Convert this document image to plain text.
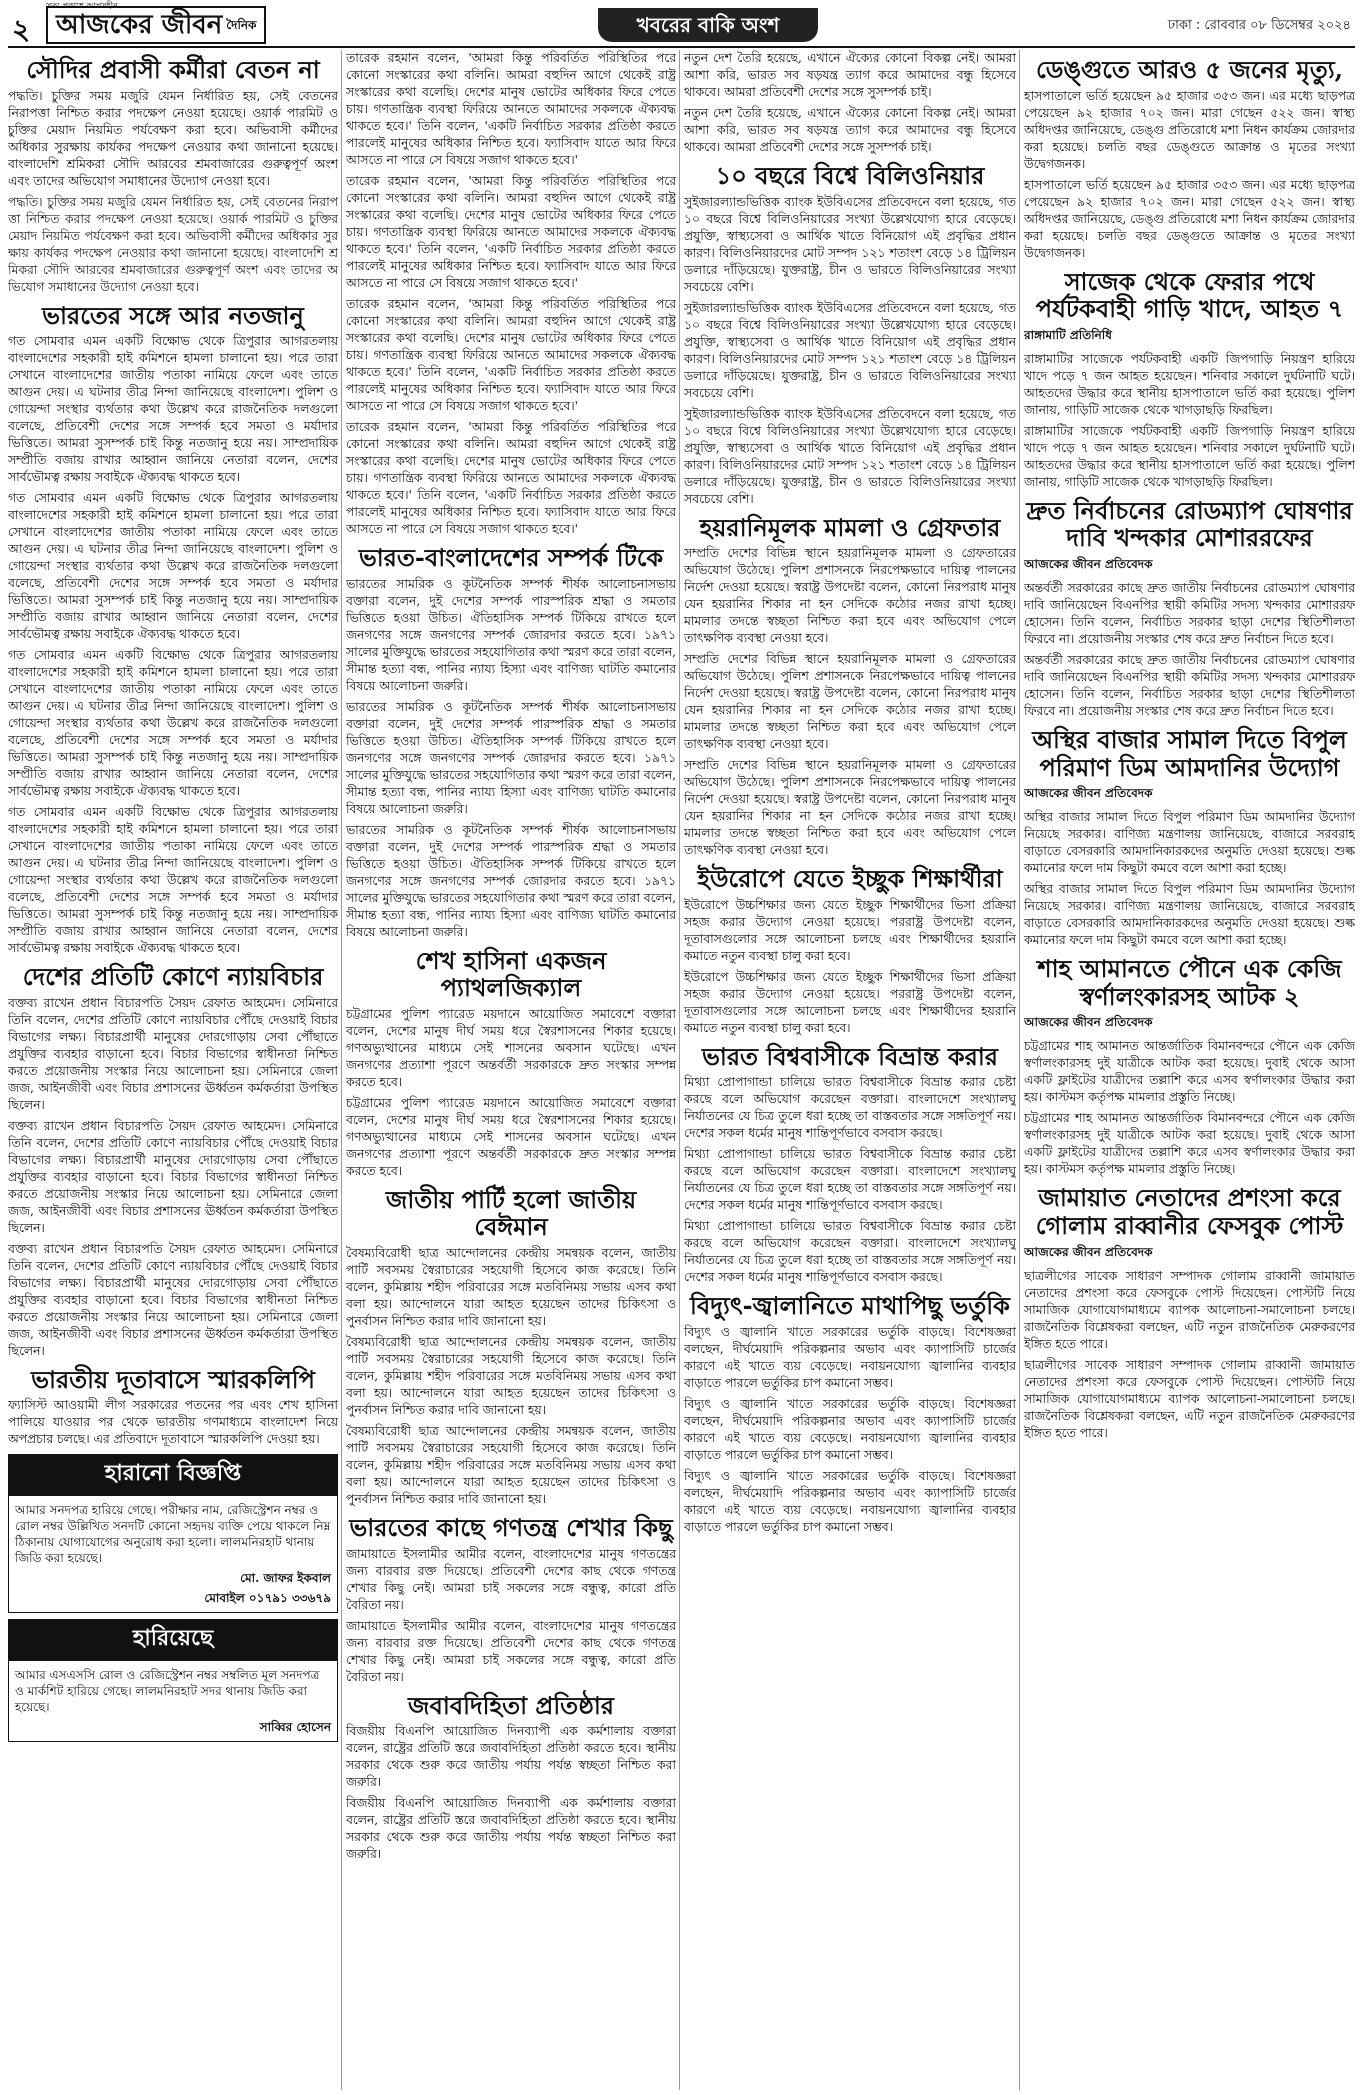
২ আজকের জীবন $^{দৈনিক}$
সত্য প্রকাশে আপসহীন
খবরের বাকি অংশ	ঢাকা : রোববার ০৮ ডিসেম্বর ২০২৪
সৌদির প্রবাসী কর্মীরা বেতন না

পদ্ধতি। চুক্তির সময় মজুরি যেমন নির্ধারিত হয়, সেই বেতনের নিরাপত্তা নিশ্চিত করার পদক্ষেপ নেওয়া হয়েছে। ওয়ার্ক পারমিট ও চুক্তির মেয়াদ নিয়মিত পর্যবেক্ষণ করা হবে। অভিবাসী কর্মীদের অধিকার সুরক্ষায় কার্যকর পদক্ষেপ নেওয়ার কথা জানানো হয়েছে। বাংলাদেশি শ্রমিকরা সৌদি আরবের শ্রমবাজারের গুরুত্বপূর্ণ অংশ এবং তাদের অভিযোগ সমাধানের উদ্যোগ নেওয়া হবে।

পদ্ধতি। চুক্তির সময় মজুরি যেমন নির্ধারিত হয়, সেই বেতনের নিরাপত্তা নিশ্চিত করার পদক্ষেপ নেওয়া হয়েছে। ওয়ার্ক পারমিট ও চুক্তির মেয়াদ নিয়মিত পর্যবেক্ষণ করা হবে। অভিবাসী কর্মীদের অধিকার সুরক্ষায় কার্যকর পদক্ষেপ নেওয়ার কথা জানানো হয়েছে। বাংলাদেশি শ্রমিকরা সৌদি আরবের শ্রমবাজারের গুরুত্বপূর্ণ অংশ এবং তাদের অভিযোগ সমাধানের উদ্যোগ নেওয়া হবে।

ভারতের সঙ্গে আর নতজানু

গত সোমবার এমন একটি বিক্ষোভ থেকে ত্রিপুরার আগরতলায় বাংলাদেশের সহকারী হাই কমিশনে হামলা চালানো হয়। পরে তারা সেখানে বাংলাদেশের জাতীয় পতাকা নামিয়ে ফেলে এবং তাতে আগুন দেয়। এ ঘটনার তীব্র নিন্দা জানিয়েছে বাংলাদেশ। পুলিশ ও গোয়েন্দা সংস্থার ব্যর্থতার কথা উল্লেখ করে রাজনৈতিক দলগুলো বলেছে, প্রতিবেশী দেশের সঙ্গে সম্পর্ক হবে সমতা ও মর্যাদার ভিত্তিতে। আমরা সুসম্পর্ক চাই কিন্তু নতজানু হয়ে নয়। সাম্প্রদায়িক সম্প্রীতি বজায় রাখার আহ্বান জানিয়ে নেতারা বলেন, দেশের সার্বভৌমত্ব রক্ষায় সবাইকে ঐক্যবদ্ধ থাকতে হবে।

গত সোমবার এমন একটি বিক্ষোভ থেকে ত্রিপুরার আগরতলায় বাংলাদেশের সহকারী হাই কমিশনে হামলা চালানো হয়। পরে তারা সেখানে বাংলাদেশের জাতীয় পতাকা নামিয়ে ফেলে এবং তাতে আগুন দেয়। এ ঘটনার তীব্র নিন্দা জানিয়েছে বাংলাদেশ। পুলিশ ও গোয়েন্দা সংস্থার ব্যর্থতার কথা উল্লেখ করে রাজনৈতিক দলগুলো বলেছে, প্রতিবেশী দেশের সঙ্গে সম্পর্ক হবে সমতা ও মর্যাদার ভিত্তিতে। আমরা সুসম্পর্ক চাই কিন্তু নতজানু হয়ে নয়। সাম্প্রদায়িক সম্প্রীতি বজায় রাখার আহ্বান জানিয়ে নেতারা বলেন, দেশের সার্বভৌমত্ব রক্ষায় সবাইকে ঐক্যবদ্ধ থাকতে হবে।

গত সোমবার এমন একটি বিক্ষোভ থেকে ত্রিপুরার আগরতলায় বাংলাদেশের সহকারী হাই কমিশনে হামলা চালানো হয়। পরে তারা সেখানে বাংলাদেশের জাতীয় পতাকা নামিয়ে ফেলে এবং তাতে আগুন দেয়। এ ঘটনার তীব্র নিন্দা জানিয়েছে বাংলাদেশ। পুলিশ ও গোয়েন্দা সংস্থার ব্যর্থতার কথা উল্লেখ করে রাজনৈতিক দলগুলো বলেছে, প্রতিবেশী দেশের সঙ্গে সম্পর্ক হবে সমতা ও মর্যাদার ভিত্তিতে। আমরা সুসম্পর্ক চাই কিন্তু নতজানু হয়ে নয়। সাম্প্রদায়িক সম্প্রীতি বজায় রাখার আহ্বান জানিয়ে নেতারা বলেন, দেশের সার্বভৌমত্ব রক্ষায় সবাইকে ঐক্যবদ্ধ থাকতে হবে।

গত সোমবার এমন একটি বিক্ষোভ থেকে ত্রিপুরার আগরতলায় বাংলাদেশের সহকারী হাই কমিশনে হামলা চালানো হয়। পরে তারা সেখানে বাংলাদেশের জাতীয় পতাকা নামিয়ে ফেলে এবং তাতে আগুন দেয়। এ ঘটনার তীব্র নিন্দা জানিয়েছে বাংলাদেশ। পুলিশ ও গোয়েন্দা সংস্থার ব্যর্থতার কথা উল্লেখ করে রাজনৈতিক দলগুলো বলেছে, প্রতিবেশী দেশের সঙ্গে সম্পর্ক হবে সমতা ও মর্যাদার ভিত্তিতে। আমরা সুসম্পর্ক চাই কিন্তু নতজানু হয়ে নয়। সাম্প্রদায়িক সম্প্রীতি বজায় রাখার আহ্বান জানিয়ে নেতারা বলেন, দেশের সার্বভৌমত্ব রক্ষায় সবাইকে ঐক্যবদ্ধ থাকতে হবে।

দেশের প্রতিটি কোণে ন্যায়বিচার

বক্তব্য রাখেন প্রধান বিচারপতি সৈয়দ রেফাত আহমেদ। সেমিনারে তিনি বলেন, দেশের প্রতিটি কোণে ন্যায়বিচার পৌঁছে দেওয়াই বিচার বিভাগের লক্ষ্য। বিচারপ্রার্থী মানুষের দোরগোড়ায় সেবা পৌঁছাতে প্রযুক্তির ব্যবহার বাড়ানো হবে। বিচার বিভাগের স্বাধীনতা নিশ্চিত করতে প্রয়োজনীয় সংস্কার নিয়ে আলোচনা হয়। সেমিনারে জেলা জজ, আইনজীবী এবং বিচার প্রশাসনের ঊর্ধ্বতন কর্মকর্তারা উপস্থিত ছিলেন।

বক্তব্য রাখেন প্রধান বিচারপতি সৈয়দ রেফাত আহমেদ। সেমিনারে তিনি বলেন, দেশের প্রতিটি কোণে ন্যায়বিচার পৌঁছে দেওয়াই বিচার বিভাগের লক্ষ্য। বিচারপ্রার্থী মানুষের দোরগোড়ায় সেবা পৌঁছাতে প্রযুক্তির ব্যবহার বাড়ানো হবে। বিচার বিভাগের স্বাধীনতা নিশ্চিত করতে প্রয়োজনীয় সংস্কার নিয়ে আলোচনা হয়। সেমিনারে জেলা জজ, আইনজীবী এবং বিচার প্রশাসনের ঊর্ধ্বতন কর্মকর্তারা উপস্থিত ছিলেন।

বক্তব্য রাখেন প্রধান বিচারপতি সৈয়দ রেফাত আহমেদ। সেমিনারে তিনি বলেন, দেশের প্রতিটি কোণে ন্যায়বিচার পৌঁছে দেওয়াই বিচার বিভাগের লক্ষ্য। বিচারপ্রার্থী মানুষের দোরগোড়ায় সেবা পৌঁছাতে প্রযুক্তির ব্যবহার বাড়ানো হবে। বিচার বিভাগের স্বাধীনতা নিশ্চিত করতে প্রয়োজনীয় সংস্কার নিয়ে আলোচনা হয়। সেমিনারে জেলা জজ, আইনজীবী এবং বিচার প্রশাসনের ঊর্ধ্বতন কর্মকর্তারা উপস্থিত ছিলেন।

ভারতীয় দূতাবাসে স্মারকলিপি

ফ্যাসিস্ট আওয়ামী লীগ সরকারের পতনের পর এবং শেখ হাসিনা পালিয়ে যাওয়ার পর থেকে ভারতীয় গণমাধ্যমে বাংলাদেশ নিয়ে অপপ্রচার চলছে। এর প্রতিবাদে দূতাবাসে স্মারকলিপি দেওয়া হয়।

হারানো বিজ্ঞপ্তি
আমার সনদপত্র হারিয়ে গেছে। পরীক্ষার নাম, রেজিস্ট্রেশন নম্বর ও রোল নম্বর উল্লিখিত সনদটি কোনো সহৃদয় ব্যক্তি পেয়ে থাকলে নিম্ন ঠিকানায় যোগাযোগের অনুরোধ করা হলো। লালমনিরহাট থানায় জিডি করা হয়েছে।
মো. জাফর ইকবাল
মোবাইল ০১৭৯১ ৩৩৬৭৯
হারিয়েছে
আমার এসএসসি রোল ও রেজিস্ট্রেশন নম্বর সম্বলিত মূল সনদপত্র ও মার্কশিট হারিয়ে গেছে। লালমনিরহাট সদর থানায় জিডি করা হয়েছে।
সাব্বির হোসেন

তারেক রহমান বলেন, 'আমরা কিন্তু পরিবর্তিত পরিস্থিতির পরে কোনো সংস্কারের কথা বলিনি। আমরা বহুদিন আগে থেকেই রাষ্ট্র সংস্কারের কথা বলেছি। দেশের মানুষ ভোটের অধিকার ফিরে পেতে চায়। গণতান্ত্রিক ব্যবস্থা ফিরিয়ে আনতে আমাদের সকলকে ঐক্যবদ্ধ থাকতে হবে।' তিনি বলেন, 'একটি নির্বাচিত সরকার প্রতিষ্ঠা করতে পারলেই মানুষের অধিকার নিশ্চিত হবে। ফ্যাসিবাদ যাতে আর ফিরে আসতে না পারে সে বিষয়ে সজাগ থাকতে হবে।'

তারেক রহমান বলেন, 'আমরা কিন্তু পরিবর্তিত পরিস্থিতির পরে কোনো সংস্কারের কথা বলিনি। আমরা বহুদিন আগে থেকেই রাষ্ট্র সংস্কারের কথা বলেছি। দেশের মানুষ ভোটের অধিকার ফিরে পেতে চায়। গণতান্ত্রিক ব্যবস্থা ফিরিয়ে আনতে আমাদের সকলকে ঐক্যবদ্ধ থাকতে হবে।' তিনি বলেন, 'একটি নির্বাচিত সরকার প্রতিষ্ঠা করতে পারলেই মানুষের অধিকার নিশ্চিত হবে। ফ্যাসিবাদ যাতে আর ফিরে আসতে না পারে সে বিষয়ে সজাগ থাকতে হবে।'

তারেক রহমান বলেন, 'আমরা কিন্তু পরিবর্তিত পরিস্থিতির পরে কোনো সংস্কারের কথা বলিনি। আমরা বহুদিন আগে থেকেই রাষ্ট্র সংস্কারের কথা বলেছি। দেশের মানুষ ভোটের অধিকার ফিরে পেতে চায়। গণতান্ত্রিক ব্যবস্থা ফিরিয়ে আনতে আমাদের সকলকে ঐক্যবদ্ধ থাকতে হবে।' তিনি বলেন, 'একটি নির্বাচিত সরকার প্রতিষ্ঠা করতে পারলেই মানুষের অধিকার নিশ্চিত হবে। ফ্যাসিবাদ যাতে আর ফিরে আসতে না পারে সে বিষয়ে সজাগ থাকতে হবে।'

তারেক রহমান বলেন, 'আমরা কিন্তু পরিবর্তিত পরিস্থিতির পরে কোনো সংস্কারের কথা বলিনি। আমরা বহুদিন আগে থেকেই রাষ্ট্র সংস্কারের কথা বলেছি। দেশের মানুষ ভোটের অধিকার ফিরে পেতে চায়। গণতান্ত্রিক ব্যবস্থা ফিরিয়ে আনতে আমাদের সকলকে ঐক্যবদ্ধ থাকতে হবে।' তিনি বলেন, 'একটি নির্বাচিত সরকার প্রতিষ্ঠা করতে পারলেই মানুষের অধিকার নিশ্চিত হবে। ফ্যাসিবাদ যাতে আর ফিরে আসতে না পারে সে বিষয়ে সজাগ থাকতে হবে।'

ভারত-বাংলাদেশের সম্পর্ক টিকে

ভারতের সামরিক ও কূটনৈতিক সম্পর্ক শীর্ষক আলোচনাসভায় বক্তারা বলেন, দুই দেশের সম্পর্ক পারস্পরিক শ্রদ্ধা ও সমতার ভিত্তিতে হওয়া উচিত। ঐতিহাসিক সম্পর্ক টিকিয়ে রাখতে হলে জনগণের সঙ্গে জনগণের সম্পর্ক জোরদার করতে হবে। ১৯৭১ সালের মুক্তিযুদ্ধে ভারতের সহযোগিতার কথা স্মরণ করে তারা বলেন, সীমান্ত হত্যা বন্ধ, পানির ন্যায্য হিস্যা এবং বাণিজ্য ঘাটতি কমানোর বিষয়ে আলোচনা জরুরি।

ভারতের সামরিক ও কূটনৈতিক সম্পর্ক শীর্ষক আলোচনাসভায় বক্তারা বলেন, দুই দেশের সম্পর্ক পারস্পরিক শ্রদ্ধা ও সমতার ভিত্তিতে হওয়া উচিত। ঐতিহাসিক সম্পর্ক টিকিয়ে রাখতে হলে জনগণের সঙ্গে জনগণের সম্পর্ক জোরদার করতে হবে। ১৯৭১ সালের মুক্তিযুদ্ধে ভারতের সহযোগিতার কথা স্মরণ করে তারা বলেন, সীমান্ত হত্যা বন্ধ, পানির ন্যায্য হিস্যা এবং বাণিজ্য ঘাটতি কমানোর বিষয়ে আলোচনা জরুরি।

ভারতের সামরিক ও কূটনৈতিক সম্পর্ক শীর্ষক আলোচনাসভায় বক্তারা বলেন, দুই দেশের সম্পর্ক পারস্পরিক শ্রদ্ধা ও সমতার ভিত্তিতে হওয়া উচিত। ঐতিহাসিক সম্পর্ক টিকিয়ে রাখতে হলে জনগণের সঙ্গে জনগণের সম্পর্ক জোরদার করতে হবে। ১৯৭১ সালের মুক্তিযুদ্ধে ভারতের সহযোগিতার কথা স্মরণ করে তারা বলেন, সীমান্ত হত্যা বন্ধ, পানির ন্যায্য হিস্যা এবং বাণিজ্য ঘাটতি কমানোর বিষয়ে আলোচনা জরুরি।

শেখ হাসিনা একজন প্যাথলজিক্যাল

চট্টগ্রামের পুলিশ প্যারেড ময়দানে আয়োজিত সমাবেশে বক্তারা বলেন, দেশের মানুষ দীর্ঘ সময় ধরে স্বৈরশাসনের শিকার হয়েছে। গণঅভ্যুত্থানের মাধ্যমে সেই শাসনের অবসান ঘটেছে। এখন জনগণের প্রত্যাশা পূরণে অন্তর্বর্তী সরকারকে দ্রুত সংস্কার সম্পন্ন করতে হবে।

চট্টগ্রামের পুলিশ প্যারেড ময়দানে আয়োজিত সমাবেশে বক্তারা বলেন, দেশের মানুষ দীর্ঘ সময় ধরে স্বৈরশাসনের শিকার হয়েছে। গণঅভ্যুত্থানের মাধ্যমে সেই শাসনের অবসান ঘটেছে। এখন জনগণের প্রত্যাশা পূরণে অন্তর্বর্তী সরকারকে দ্রুত সংস্কার সম্পন্ন করতে হবে।

জাতীয় পার্টি হলো জাতীয় বেঈমান

বৈষম্যবিরোধী ছাত্র আন্দোলনের কেন্দ্রীয় সমন্বয়ক বলেন, জাতীয় পার্টি সবসময় স্বৈরাচারের সহযোগী হিসেবে কাজ করেছে। তিনি বলেন, কুমিল্লায় শহীদ পরিবারের সঙ্গে মতবিনিময় সভায় এসব কথা বলা হয়। আন্দোলনে যারা আহত হয়েছেন তাদের চিকিৎসা ও পুনর্বাসন নিশ্চিত করার দাবি জানানো হয়।

বৈষম্যবিরোধী ছাত্র আন্দোলনের কেন্দ্রীয় সমন্বয়ক বলেন, জাতীয় পার্টি সবসময় স্বৈরাচারের সহযোগী হিসেবে কাজ করেছে। তিনি বলেন, কুমিল্লায় শহীদ পরিবারের সঙ্গে মতবিনিময় সভায় এসব কথা বলা হয়। আন্দোলনে যারা আহত হয়েছেন তাদের চিকিৎসা ও পুনর্বাসন নিশ্চিত করার দাবি জানানো হয়।

বৈষম্যবিরোধী ছাত্র আন্দোলনের কেন্দ্রীয় সমন্বয়ক বলেন, জাতীয় পার্টি সবসময় স্বৈরাচারের সহযোগী হিসেবে কাজ করেছে। তিনি বলেন, কুমিল্লায় শহীদ পরিবারের সঙ্গে মতবিনিময় সভায় এসব কথা বলা হয়। আন্দোলনে যারা আহত হয়েছেন তাদের চিকিৎসা ও পুনর্বাসন নিশ্চিত করার দাবি জানানো হয়।

ভারতের কাছে গণতন্ত্র শেখার কিছু

জামায়াতে ইসলামীর আমীর বলেন, বাংলাদেশের মানুষ গণতন্ত্রের জন্য বারবার রক্ত দিয়েছে। প্রতিবেশী দেশের কাছ থেকে গণতন্ত্র শেখার কিছু নেই। আমরা চাই সকলের সঙ্গে বন্ধুত্ব, কারো প্রতি বৈরিতা নয়।

জামায়াতে ইসলামীর আমীর বলেন, বাংলাদেশের মানুষ গণতন্ত্রের জন্য বারবার রক্ত দিয়েছে। প্রতিবেশী দেশের কাছ থেকে গণতন্ত্র শেখার কিছু নেই। আমরা চাই সকলের সঙ্গে বন্ধুত্ব, কারো প্রতি বৈরিতা নয়।

জবাবদিহিতা প্রতিষ্ঠার

বিজয়ীয় বিএনপি আয়োজিত দিনব্যাপী এক কর্মশালায় বক্তারা বলেন, রাষ্ট্রের প্রতিটি স্তরে জবাবদিহিতা প্রতিষ্ঠা করতে হবে। স্থানীয় সরকার থেকে শুরু করে জাতীয় পর্যায় পর্যন্ত স্বচ্ছতা নিশ্চিত করা জরুরি।

বিজয়ীয় বিএনপি আয়োজিত দিনব্যাপী এক কর্মশালায় বক্তারা বলেন, রাষ্ট্রের প্রতিটি স্তরে জবাবদিহিতা প্রতিষ্ঠা করতে হবে। স্থানীয় সরকার থেকে শুরু করে জাতীয় পর্যায় পর্যন্ত স্বচ্ছতা নিশ্চিত করা জরুরি।

নতুন দেশ তৈরি হয়েছে, এখানে ঐক্যের কোনো বিকল্প নেই। আমরা আশা করি, ভারত সব ষড়যন্ত্র ত্যাগ করে আমাদের বন্ধু হিসেবে থাকবে। আমরা প্রতিবেশী দেশের সঙ্গে সুসম্পর্ক চাই।

নতুন দেশ তৈরি হয়েছে, এখানে ঐক্যের কোনো বিকল্প নেই। আমরা আশা করি, ভারত সব ষড়যন্ত্র ত্যাগ করে আমাদের বন্ধু হিসেবে থাকবে। আমরা প্রতিবেশী দেশের সঙ্গে সুসম্পর্ক চাই।

১০ বছরে বিশ্বে বিলিওনিয়ার

সুইজারল্যান্ডভিত্তিক ব্যাংক ইউবিএসের প্রতিবেদনে বলা হয়েছে, গত ১০ বছরে বিশ্বে বিলিওনিয়ারের সংখ্যা উল্লেখযোগ্য হারে বেড়েছে। প্রযুক্তি, স্বাস্থ্যসেবা ও আর্থিক খাতে বিনিয়োগ এই প্রবৃদ্ধির প্রধান কারণ। বিলিওনিয়ারদের মোট সম্পদ ১২১ শতাংশ বেড়ে ১৪ ট্রিলিয়ন ডলারে দাঁড়িয়েছে। যুক্তরাষ্ট্র, চীন ও ভারতে বিলিওনিয়ারের সংখ্যা সবচেয়ে বেশি।

সুইজারল্যান্ডভিত্তিক ব্যাংক ইউবিএসের প্রতিবেদনে বলা হয়েছে, গত ১০ বছরে বিশ্বে বিলিওনিয়ারের সংখ্যা উল্লেখযোগ্য হারে বেড়েছে। প্রযুক্তি, স্বাস্থ্যসেবা ও আর্থিক খাতে বিনিয়োগ এই প্রবৃদ্ধির প্রধান কারণ। বিলিওনিয়ারদের মোট সম্পদ ১২১ শতাংশ বেড়ে ১৪ ট্রিলিয়ন ডলারে দাঁড়িয়েছে। যুক্তরাষ্ট্র, চীন ও ভারতে বিলিওনিয়ারের সংখ্যা সবচেয়ে বেশি।

সুইজারল্যান্ডভিত্তিক ব্যাংক ইউবিএসের প্রতিবেদনে বলা হয়েছে, গত ১০ বছরে বিশ্বে বিলিওনিয়ারের সংখ্যা উল্লেখযোগ্য হারে বেড়েছে। প্রযুক্তি, স্বাস্থ্যসেবা ও আর্থিক খাতে বিনিয়োগ এই প্রবৃদ্ধির প্রধান কারণ। বিলিওনিয়ারদের মোট সম্পদ ১২১ শতাংশ বেড়ে ১৪ ট্রিলিয়ন ডলারে দাঁড়িয়েছে। যুক্তরাষ্ট্র, চীন ও ভারতে বিলিওনিয়ারের সংখ্যা সবচেয়ে বেশি।

হয়রানিমূলক মামলা ও গ্রেফতার

সম্প্রতি দেশের বিভিন্ন স্থানে হয়রানিমূলক মামলা ও গ্রেফতারের অভিযোগ উঠেছে। পুলিশ প্রশাসনকে নিরপেক্ষভাবে দায়িত্ব পালনের নির্দেশ দেওয়া হয়েছে। স্বরাষ্ট্র উপদেষ্টা বলেন, কোনো নিরপরাধ মানুষ যেন হয়রানির শিকার না হন সেদিকে কঠোর নজর রাখা হচ্ছে। মামলার তদন্তে স্বচ্ছতা নিশ্চিত করা হবে এবং অভিযোগ পেলে তাৎক্ষণিক ব্যবস্থা নেওয়া হবে।

সম্প্রতি দেশের বিভিন্ন স্থানে হয়রানিমূলক মামলা ও গ্রেফতারের অভিযোগ উঠেছে। পুলিশ প্রশাসনকে নিরপেক্ষভাবে দায়িত্ব পালনের নির্দেশ দেওয়া হয়েছে। স্বরাষ্ট্র উপদেষ্টা বলেন, কোনো নিরপরাধ মানুষ যেন হয়রানির শিকার না হন সেদিকে কঠোর নজর রাখা হচ্ছে। মামলার তদন্তে স্বচ্ছতা নিশ্চিত করা হবে এবং অভিযোগ পেলে তাৎক্ষণিক ব্যবস্থা নেওয়া হবে।

সম্প্রতি দেশের বিভিন্ন স্থানে হয়রানিমূলক মামলা ও গ্রেফতারের অভিযোগ উঠেছে। পুলিশ প্রশাসনকে নিরপেক্ষভাবে দায়িত্ব পালনের নির্দেশ দেওয়া হয়েছে। স্বরাষ্ট্র উপদেষ্টা বলেন, কোনো নিরপরাধ মানুষ যেন হয়রানির শিকার না হন সেদিকে কঠোর নজর রাখা হচ্ছে। মামলার তদন্তে স্বচ্ছতা নিশ্চিত করা হবে এবং অভিযোগ পেলে তাৎক্ষণিক ব্যবস্থা নেওয়া হবে।

ইউরোপে যেতে ইচ্ছুক শিক্ষার্থীরা

ইউরোপে উচ্চশিক্ষার জন্য যেতে ইচ্ছুক শিক্ষার্থীদের ভিসা প্রক্রিয়া সহজ করার উদ্যোগ নেওয়া হয়েছে। পররাষ্ট্র উপদেষ্টা বলেন, দূতাবাসগুলোর সঙ্গে আলোচনা চলছে এবং শিক্ষার্থীদের হয়রানি কমাতে নতুন ব্যবস্থা চালু করা হবে।

ইউরোপে উচ্চশিক্ষার জন্য যেতে ইচ্ছুক শিক্ষার্থীদের ভিসা প্রক্রিয়া সহজ করার উদ্যোগ নেওয়া হয়েছে। পররাষ্ট্র উপদেষ্টা বলেন, দূতাবাসগুলোর সঙ্গে আলোচনা চলছে এবং শিক্ষার্থীদের হয়রানি কমাতে নতুন ব্যবস্থা চালু করা হবে।

ভারত বিশ্ববাসীকে বিভ্রান্ত করার

মিথ্যা প্রোপাগান্ডা চালিয়ে ভারত বিশ্ববাসীকে বিভ্রান্ত করার চেষ্টা করছে বলে অভিযোগ করেছেন বক্তারা। বাংলাদেশে সংখ্যালঘু নির্যাতনের যে চিত্র তুলে ধরা হচ্ছে তা বাস্তবতার সঙ্গে সঙ্গতিপূর্ণ নয়। দেশের সকল ধর্মের মানুষ শান্তিপূর্ণভাবে বসবাস করছে।

মিথ্যা প্রোপাগান্ডা চালিয়ে ভারত বিশ্ববাসীকে বিভ্রান্ত করার চেষ্টা করছে বলে অভিযোগ করেছেন বক্তারা। বাংলাদেশে সংখ্যালঘু নির্যাতনের যে চিত্র তুলে ধরা হচ্ছে তা বাস্তবতার সঙ্গে সঙ্গতিপূর্ণ নয়। দেশের সকল ধর্মের মানুষ শান্তিপূর্ণভাবে বসবাস করছে।

মিথ্যা প্রোপাগান্ডা চালিয়ে ভারত বিশ্ববাসীকে বিভ্রান্ত করার চেষ্টা করছে বলে অভিযোগ করেছেন বক্তারা। বাংলাদেশে সংখ্যালঘু নির্যাতনের যে চিত্র তুলে ধরা হচ্ছে তা বাস্তবতার সঙ্গে সঙ্গতিপূর্ণ নয়। দেশের সকল ধর্মের মানুষ শান্তিপূর্ণভাবে বসবাস করছে।

বিদ্যুৎ-জ্বালানিতে মাথাপিছু ভর্তুকি

বিদ্যুৎ ও জ্বালানি খাতে সরকারের ভর্তুকি বাড়ছে। বিশেষজ্ঞরা বলছেন, দীর্ঘমেয়াদি পরিকল্পনার অভাব এবং ক্যাপাসিটি চার্জের কারণে এই খাতে ব্যয় বেড়েছে। নবায়নযোগ্য জ্বালানির ব্যবহার বাড়াতে পারলে ভর্তুকির চাপ কমানো সম্ভব।

বিদ্যুৎ ও জ্বালানি খাতে সরকারের ভর্তুকি বাড়ছে। বিশেষজ্ঞরা বলছেন, দীর্ঘমেয়াদি পরিকল্পনার অভাব এবং ক্যাপাসিটি চার্জের কারণে এই খাতে ব্যয় বেড়েছে। নবায়নযোগ্য জ্বালানির ব্যবহার বাড়াতে পারলে ভর্তুকির চাপ কমানো সম্ভব।

বিদ্যুৎ ও জ্বালানি খাতে সরকারের ভর্তুকি বাড়ছে। বিশেষজ্ঞরা বলছেন, দীর্ঘমেয়াদি পরিকল্পনার অভাব এবং ক্যাপাসিটি চার্জের কারণে এই খাতে ব্যয় বেড়েছে। নবায়নযোগ্য জ্বালানির ব্যবহার বাড়াতে পারলে ভর্তুকির চাপ কমানো সম্ভব।

ডেঙ্গুতে আরও ৫ জনের মৃত্যু,

হাসপাতালে ভর্তি হয়েছেন ৯৫ হাজার ৩৫৩ জন। এর মধ্যে ছাড়পত্র পেয়েছেন ৯২ হাজার ৭০২ জন। মারা গেছেন ৫২২ জন। স্বাস্থ্য অধিদপ্তর জানিয়েছে, ডেঙ্গু প্রতিরোধে মশা নিধন কার্যক্রম জোরদার করা হয়েছে। চলতি বছর ডেঙ্গুতে আক্রান্ত ও মৃতের সংখ্যা উদ্বেগজনক।

হাসপাতালে ভর্তি হয়েছেন ৯৫ হাজার ৩৫৩ জন। এর মধ্যে ছাড়পত্র পেয়েছেন ৯২ হাজার ৭০২ জন। মারা গেছেন ৫২২ জন। স্বাস্থ্য অধিদপ্তর জানিয়েছে, ডেঙ্গু প্রতিরোধে মশা নিধন কার্যক্রম জোরদার করা হয়েছে। চলতি বছর ডেঙ্গুতে আক্রান্ত ও মৃতের সংখ্যা উদ্বেগজনক।

সাজেক থেকে ফেরার পথে পর্যটকবাহী গাড়ি খাদে, আহত ৭
রাঙ্গামাটি প্রতিনিধি

রাঙ্গামাটির সাজেকে পর্যটকবাহী একটি জিপগাড়ি নিয়ন্ত্রণ হারিয়ে খাদে পড়ে ৭ জন আহত হয়েছেন। শনিবার সকালে দুর্ঘটনাটি ঘটে। আহতদের উদ্ধার করে স্থানীয় হাসপাতালে ভর্তি করা হয়েছে। পুলিশ জানায়, গাড়িটি সাজেক থেকে খাগড়াছড়ি ফিরছিল।

রাঙ্গামাটির সাজেকে পর্যটকবাহী একটি জিপগাড়ি নিয়ন্ত্রণ হারিয়ে খাদে পড়ে ৭ জন আহত হয়েছেন। শনিবার সকালে দুর্ঘটনাটি ঘটে। আহতদের উদ্ধার করে স্থানীয় হাসপাতালে ভর্তি করা হয়েছে। পুলিশ জানায়, গাড়িটি সাজেক থেকে খাগড়াছড়ি ফিরছিল।

দ্রুত নির্বাচনের রোডম্যাপ ঘোষণার দাবি খন্দকার মোশাররফের
আজকের জীবন প্রতিবেদক

অন্তর্বর্তী সরকারের কাছে দ্রুত জাতীয় নির্বাচনের রোডম্যাপ ঘোষণার দাবি জানিয়েছেন বিএনপির স্থায়ী কমিটির সদস্য খন্দকার মোশাররফ হোসেন। তিনি বলেন, নির্বাচিত সরকার ছাড়া দেশের স্থিতিশীলতা ফিরবে না। প্রয়োজনীয় সংস্কার শেষ করে দ্রুত নির্বাচন দিতে হবে।

অন্তর্বর্তী সরকারের কাছে দ্রুত জাতীয় নির্বাচনের রোডম্যাপ ঘোষণার দাবি জানিয়েছেন বিএনপির স্থায়ী কমিটির সদস্য খন্দকার মোশাররফ হোসেন। তিনি বলেন, নির্বাচিত সরকার ছাড়া দেশের স্থিতিশীলতা ফিরবে না। প্রয়োজনীয় সংস্কার শেষ করে দ্রুত নির্বাচন দিতে হবে।

অস্থির বাজার সামাল দিতে বিপুল পরিমাণ ডিম আমদানির উদ্যোগ
আজকের জীবন প্রতিবেদক

অস্থির বাজার সামাল দিতে বিপুল পরিমাণ ডিম আমদানির উদ্যোগ নিয়েছে সরকার। বাণিজ্য মন্ত্রণালয় জানিয়েছে, বাজারে সরবরাহ বাড়াতে বেসরকারি আমদানিকারকদের অনুমতি দেওয়া হয়েছে। শুল্ক কমানোর ফলে দাম কিছুটা কমবে বলে আশা করা হচ্ছে।

অস্থির বাজার সামাল দিতে বিপুল পরিমাণ ডিম আমদানির উদ্যোগ নিয়েছে সরকার। বাণিজ্য মন্ত্রণালয় জানিয়েছে, বাজারে সরবরাহ বাড়াতে বেসরকারি আমদানিকারকদের অনুমতি দেওয়া হয়েছে। শুল্ক কমানোর ফলে দাম কিছুটা কমবে বলে আশা করা হচ্ছে।

শাহ আমানতে পৌনে এক কেজি স্বর্ণালংকারসহ আটক ২
আজকের জীবন প্রতিবেদক

চট্টগ্রামের শাহ আমানত আন্তর্জাতিক বিমানবন্দরে পৌনে এক কেজি স্বর্ণালংকারসহ দুই যাত্রীকে আটক করা হয়েছে। দুবাই থেকে আসা একটি ফ্লাইটের যাত্রীদের তল্লাশি করে এসব স্বর্ণালংকার উদ্ধার করা হয়। কাস্টমস কর্তৃপক্ষ মামলার প্রস্তুতি নিচ্ছে।

চট্টগ্রামের শাহ আমানত আন্তর্জাতিক বিমানবন্দরে পৌনে এক কেজি স্বর্ণালংকারসহ দুই যাত্রীকে আটক করা হয়েছে। দুবাই থেকে আসা একটি ফ্লাইটের যাত্রীদের তল্লাশি করে এসব স্বর্ণালংকার উদ্ধার করা হয়। কাস্টমস কর্তৃপক্ষ মামলার প্রস্তুতি নিচ্ছে।

জামায়াত নেতাদের প্রশংসা করে গোলাম রাব্বানীর ফেসবুক পোস্ট
আজকের জীবন প্রতিবেদক

ছাত্রলীগের সাবেক সাধারণ সম্পাদক গোলাম রাব্বানী জামায়াত নেতাদের প্রশংসা করে ফেসবুকে পোস্ট দিয়েছেন। পোস্টটি নিয়ে সামাজিক যোগাযোগমাধ্যমে ব্যাপক আলোচনা-সমালোচনা চলছে। রাজনৈতিক বিশ্লেষকরা বলছেন, এটি নতুন রাজনৈতিক মেরুকরণের ইঙ্গিত হতে পারে।

ছাত্রলীগের সাবেক সাধারণ সম্পাদক গোলাম রাব্বানী জামায়াত নেতাদের প্রশংসা করে ফেসবুকে পোস্ট দিয়েছেন। পোস্টটি নিয়ে সামাজিক যোগাযোগমাধ্যমে ব্যাপক আলোচনা-সমালোচনা চলছে। রাজনৈতিক বিশ্লেষকরা বলছেন, এটি নতুন রাজনৈতিক মেরুকরণের ইঙ্গিত হতে পারে।
